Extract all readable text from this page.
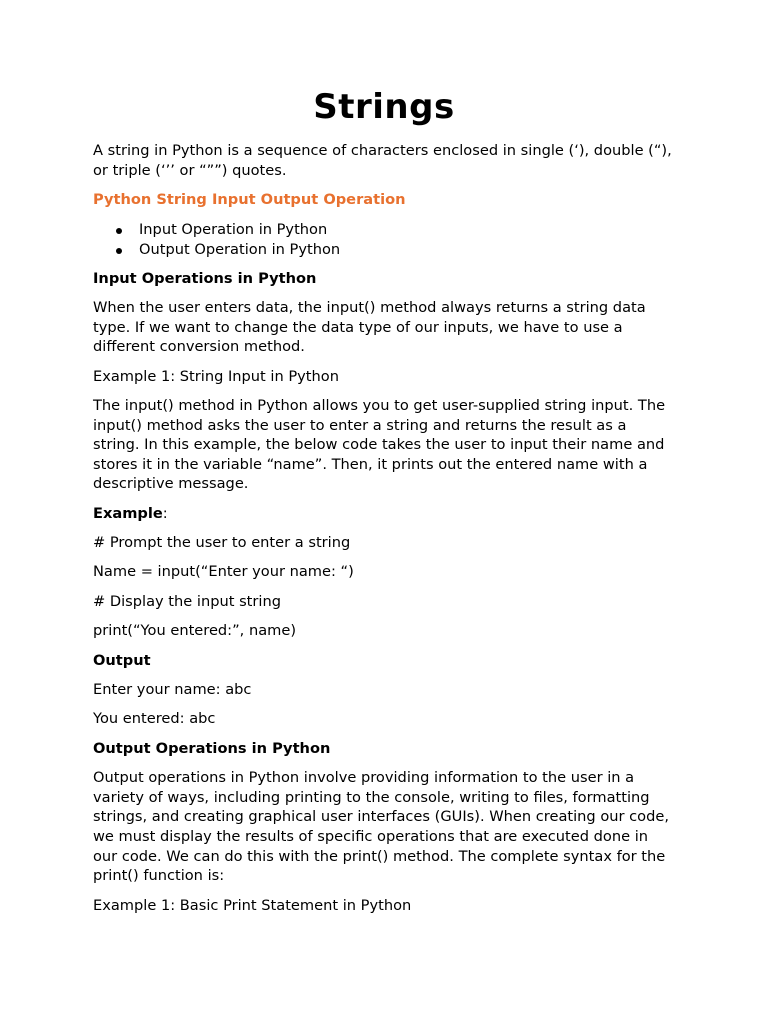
Strings

A string in Python is a sequence of characters enclosed in single (‘), double (“), or triple (‘’’ or “””) quotes.

Python String Input Output Operation
Input Operation in Python
Output Operation in Python
Input Operations in Python

When the user enters data, the input() method always returns a string data type. If we want to change the data type of our inputs, we have to use a different conversion method.

Example 1: String Input in Python

The input() method in Python allows you to get user-supplied string input. The input() method asks the user to enter a string and returns the result as a string. In this example, the below code takes the user to input their name and stores it in the variable “name”. Then, it prints out the entered name with a descriptive message.

Example:

# Prompt the user to enter a string

Name = input(“Enter your name: “)

# Display the input string

print(“You entered:”, name)

Output

Enter your name: abc

You entered: abc

Output Operations in Python

Output operations in Python involve providing information to the user in a variety of ways, including printing to the console, writing to files, formatting strings, and creating graphical user interfaces (GUIs). When creating our code, we must display the results of specific operations that are executed done in our code. We can do this with the print() method. The complete syntax for the print() function is:

Example 1: Basic Print Statement in Python
